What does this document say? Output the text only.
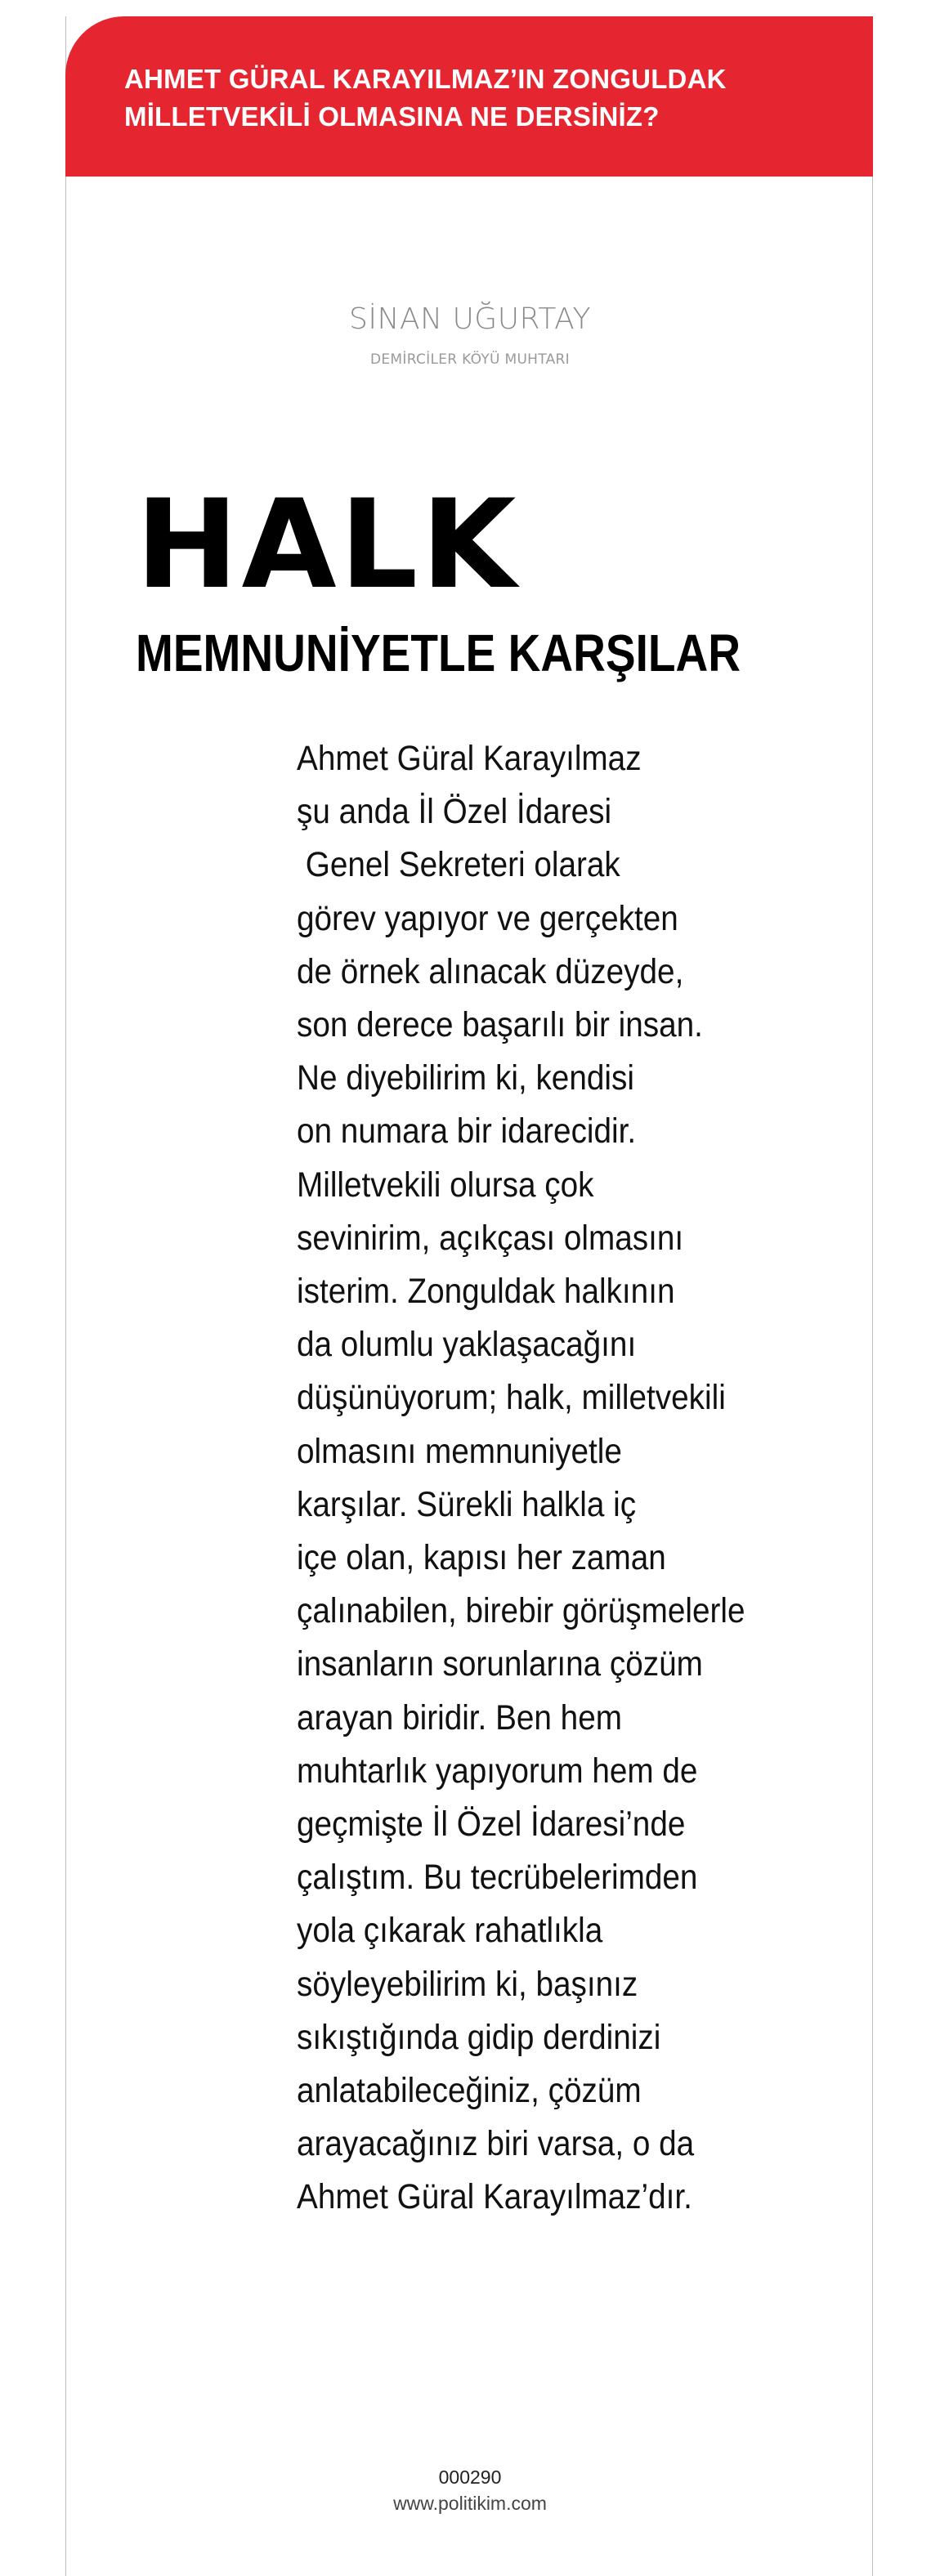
AHMET GÜRAL KARAYILMAZ’IN ZONGULDAK
MİLLETVEKİLİ OLMASINA NE DERSİNİZ?
SİNAN UĞURTAY
DEMİRCİLER KÖYÜ MUHTARI
HALK
MEMNUNİYETLE KARŞILAR
Ahmet Güral Karayılmaz
şu anda İl Özel İdaresi
Genel Sekreteri olarak
görev yapıyor ve gerçekten
de örnek alınacak düzeyde,
son derece başarılı bir insan.
Ne diyebilirim ki, kendisi
on numara bir idarecidir.
Milletvekili olursa çok
sevinirim, açıkçası olmasını
isterim. Zonguldak halkının
da olumlu yaklaşacağını
düşünüyorum; halk, milletvekili
olmasını memnuniyetle
karşılar. Sürekli halkla iç
içe olan, kapısı her zaman
çalınabilen, birebir görüşmelerle
insanların sorunlarına çözüm
arayan biridir. Ben hem
muhtarlık yapıyorum hem de
geçmişte İl Özel İdaresi’nde
çalıştım. Bu tecrübelerimden
yola çıkarak rahatlıkla
söyleyebilirim ki, başınız
sıkıştığında gidip derdinizi
anlatabileceğiniz, çözüm
arayacağınız biri varsa, o da
Ahmet Güral Karayılmaz’dır.
000290
www.politikim.com
